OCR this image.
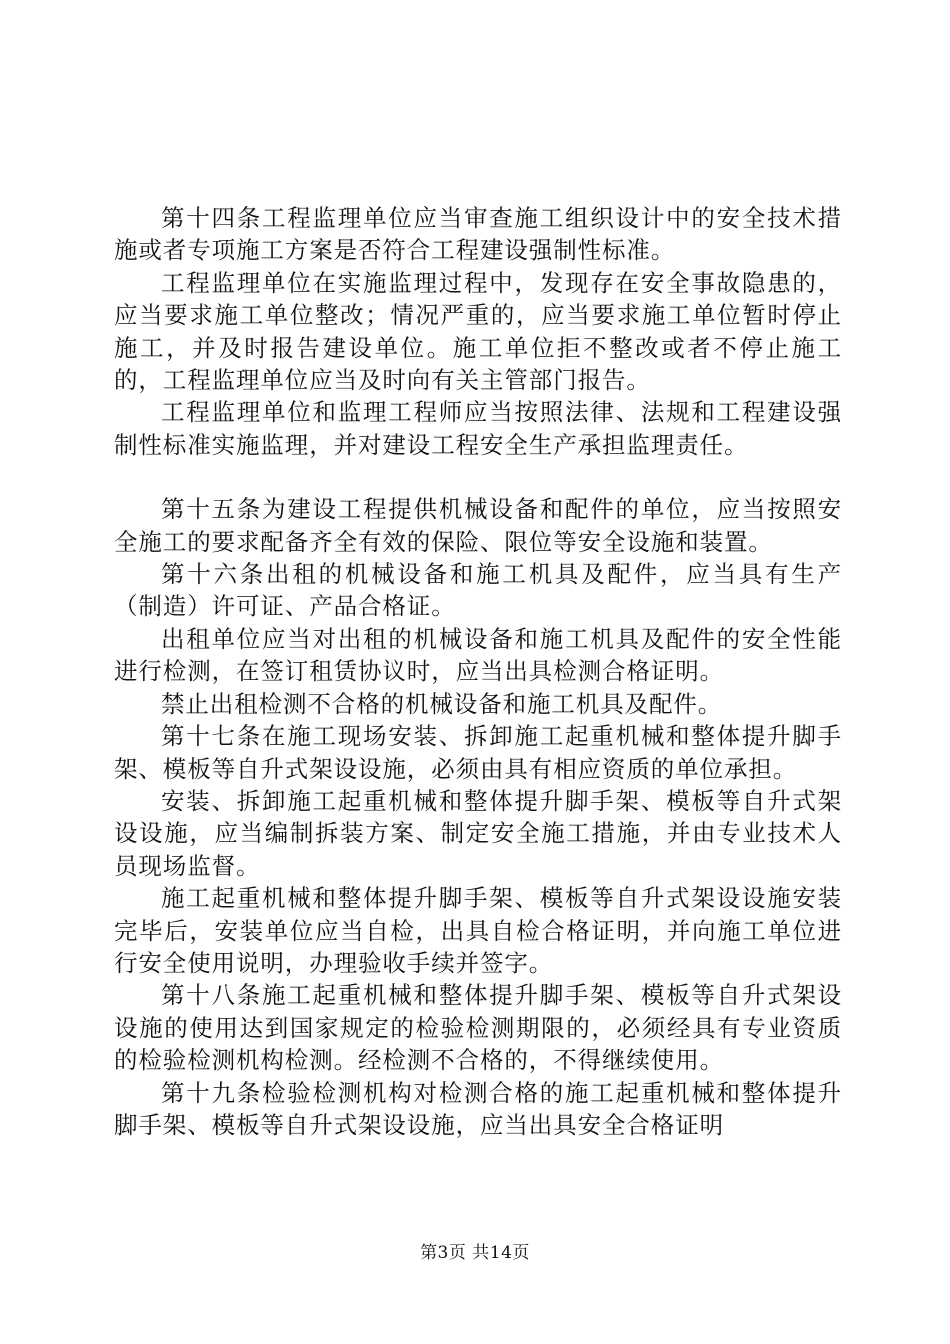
第十四条工程监理单位应当审查施工组织设计中的安全技术措施或者专项施工方案是否符合工程建设强制性标准。

工程监理单位在实施监理过程中，发现存在安全事故隐患的，应当要求施工单位整改；情况严重的，应当要求施工单位暂时停止施工，并及时报告建设单位。施工单位拒不整改或者不停止施工的，工程监理单位应当及时向有关主管部门报告。

工程监理单位和监理工程师应当按照法律、法规和工程建设强制性标准实施监理，并对建设工程安全生产承担监理责任。

第十五条为建设工程提供机械设备和配件的单位，应当按照安全施工的要求配备齐全有效的保险、限位等安全设施和装置。

第十六条出租的机械设备和施工机具及配件，应当具有生产（制造）许可证、产品合格证。

出租单位应当对出租的机械设备和施工机具及配件的安全性能进行检测，在签订租赁协议时，应当出具检测合格证明。

禁止出租检测不合格的机械设备和施工机具及配件。

第十七条在施工现场安装、拆卸施工起重机械和整体提升脚手架、模板等自升式架设设施，必须由具有相应资质的单位承担。

安装、拆卸施工起重机械和整体提升脚手架、模板等自升式架设设施，应当编制拆装方案、制定安全施工措施，并由专业技术人员现场监督。

施工起重机械和整体提升脚手架、模板等自升式架设设施安装完毕后，安装单位应当自检，出具自检合格证明，并向施工单位进行安全使用说明，办理验收手续并签字。

第十八条施工起重机械和整体提升脚手架、模板等自升式架设设施的使用达到国家规定的检验检测期限的，必须经具有专业资质的检验检测机构检测。经检测不合格的，不得继续使用。

第十九条检验检测机构对检测合格的施工起重机械和整体提升脚手架、模板等自升式架设设施，应当出具安全合格证明

第3页 共14页
